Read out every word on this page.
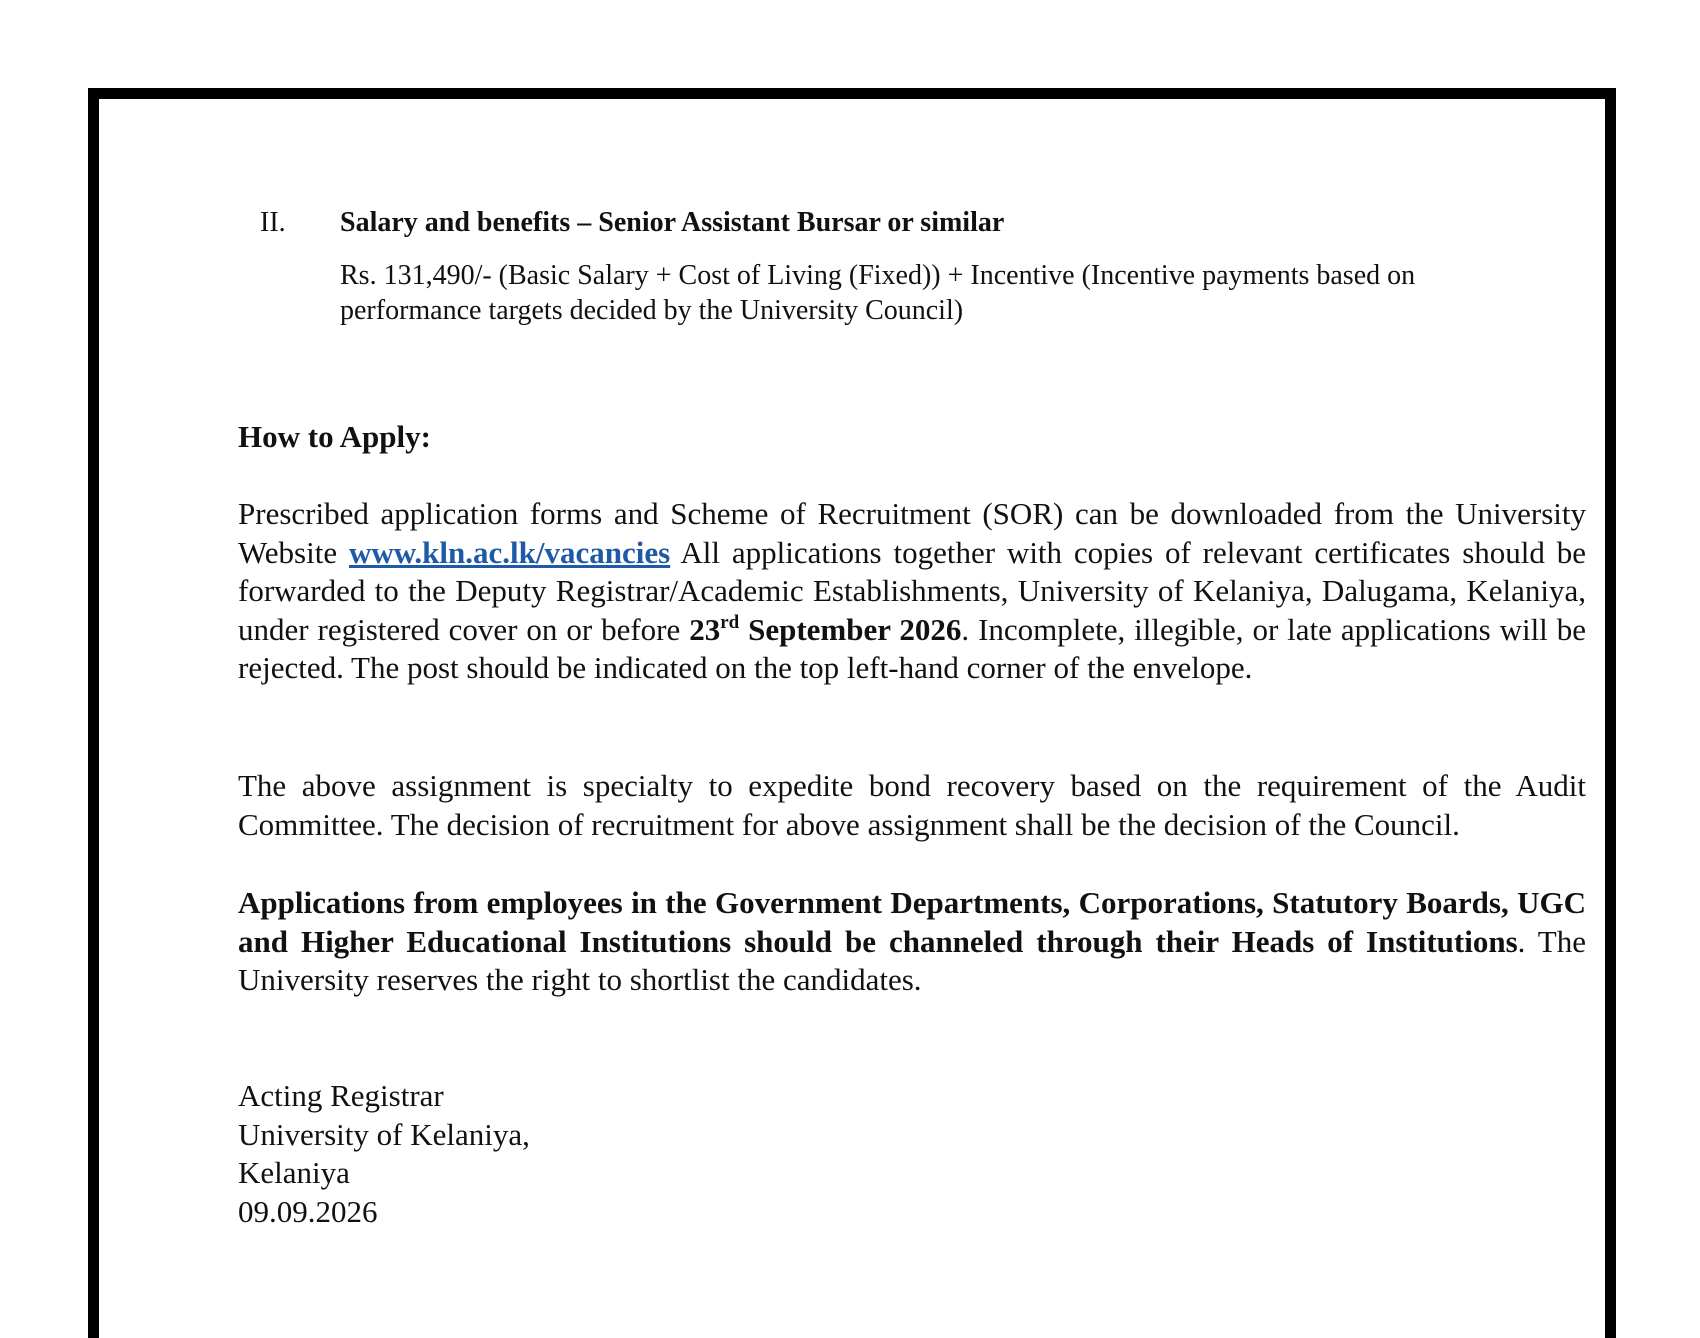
II. Salary and benefits – Senior Assistant Bursar or similar
Rs. 131,490/- (Basic Salary + Cost of Living (Fixed)) + Incentive (Incentive payments based on performance targets decided by the University Council)
How to Apply:

Prescribed application forms and Scheme of Recruitment (SOR) can be downloaded from the University Website www.kln.ac.lk/vacancies All applications together with copies of relevant certificates should be forwarded to the Deputy Registrar/Academic Establishments, University of Kelaniya, Dalugama, Kelaniya, under registered cover on or before 23rd September 2026. Incomplete, illegible, or late applications will be rejected. The post should be indicated on the top left-hand corner of the envelope.

The above assignment is specialty to expedite bond recovery based on the requirement of the Audit Committee. The decision of recruitment for above assignment shall be the decision of the Council.

Applications from employees in the Government Departments, Corporations, Statutory Boards, UGC and Higher Educational Institutions should be channeled through their Heads of Institutions. The University reserves the right to shortlist the candidates.

Acting Registrar
University of Kelaniya,
Kelaniya
09.09.2026
